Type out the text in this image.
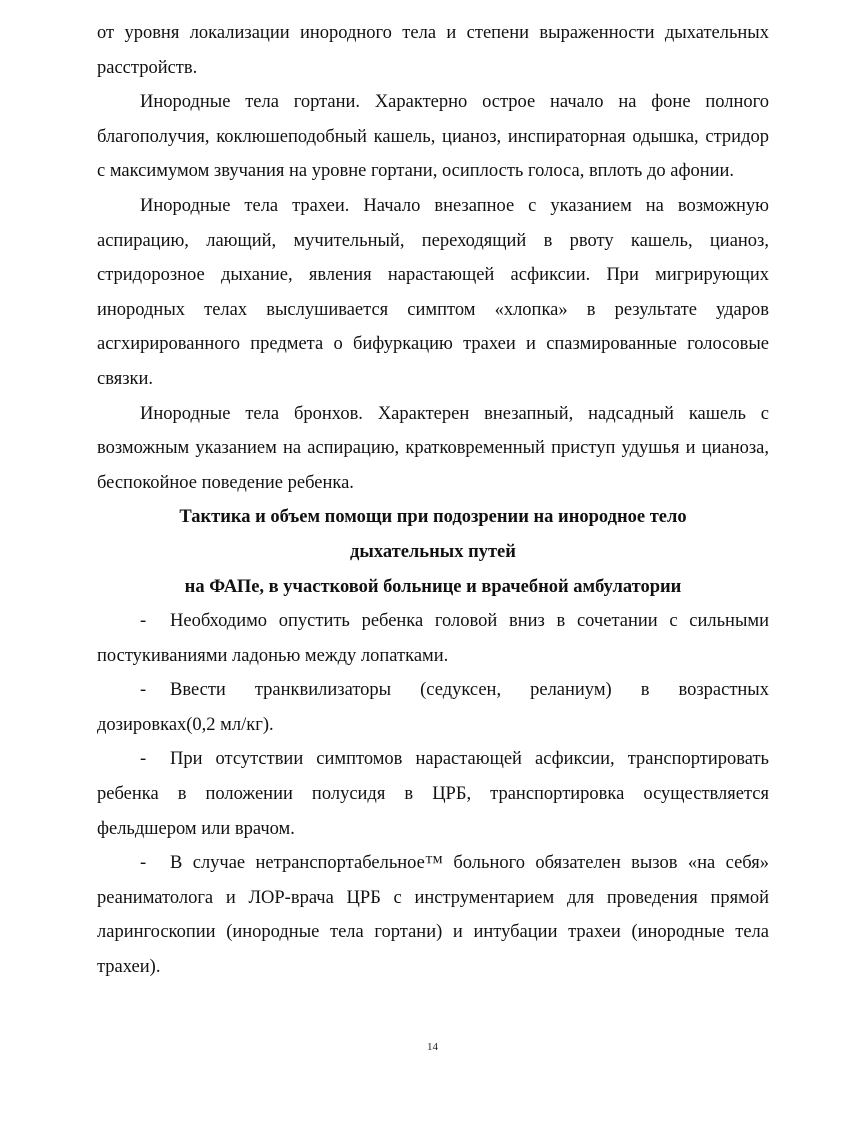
от уровня локализации инородного тела и степени выраженности дыхательных расстройств.

Инородные тела гортани. Характерно острое начало на фоне полного благополучия, коклюшеподобный кашель, цианоз, инспираторная одышка, стридор с максимумом звучания на уровне гортани, осиплость голоса, вплоть до афонии.

Инородные тела трахеи. Начало внезапное с указанием на возможную аспирацию, лающий, мучительный, переходящий в рвоту кашель, цианоз, стридорозное дыхание, явления нарастающей асфиксии. При мигрирующих инородных телах выслушивается симптом «хлопка» в результате ударов асгхирированного предмета о бифуркацию трахеи и спазмированные голосовые связки.

Инородные тела бронхов. Характерен внезапный, надсадный кашель с возможным указанием на аспирацию, кратковременный приступ удушья и цианоза, беспокойное поведение ребенка.

Тактика и объем помощи при подозрении на инородное тело

дыхательных путей

на ФАПе, в участковой больнице и врачебной амбулатории

- Необходимо опустить ребенка головой вниз в сочетании с сильными постукиваниями ладонью между лопатками.

- Ввести транквилизаторы (седуксен, реланиум) в возрастных дозировках(0,2 мл/кг).

- При отсутствии симптомов нарастающей асфиксии, транспортировать ребенка в положении полусидя в ЦРБ, транспортировка осуществляется фельдшером или врачом.

- В случае нетранспортабельное™ больного обязателен вызов «на себя» реаниматолога и ЛОР-врача ЦРБ с инструментарием для проведения прямой ларингоскопии (инородные тела гортани) и интубации трахеи (инородные тела трахеи).

14
